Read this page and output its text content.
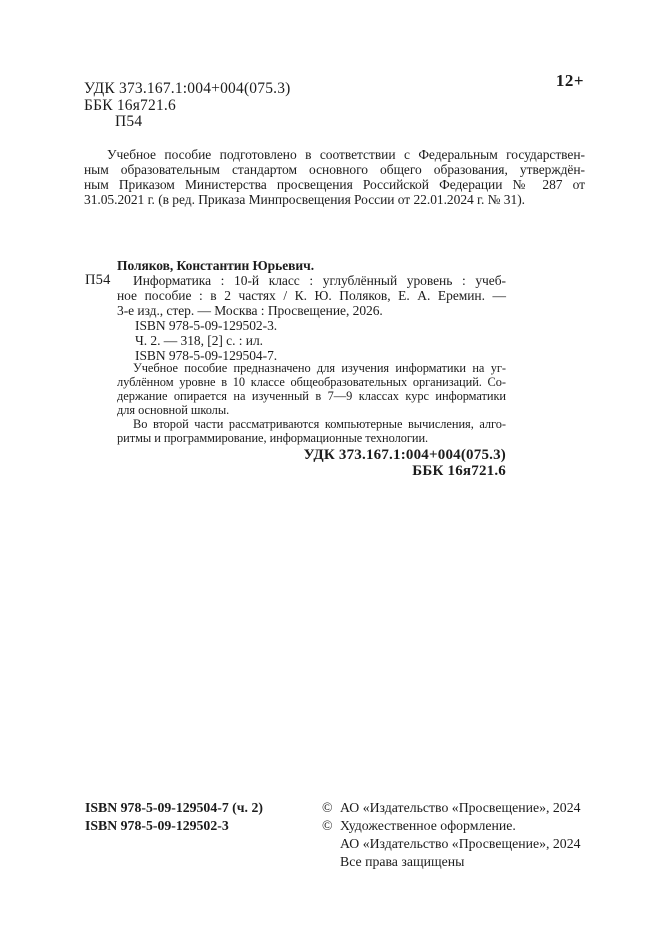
12+
УДК 373.167.1:004+004(075.3)
ББК 16я721.6
П54
Учебное пособие подготовлено в соответствии с Федеральным государствен-
ным образовательным стандартом основного общего образования, утверждён-
ным Приказом Министерства просвещения Российской Федерации № 287 от
31.05.2021 г. (в ред. Приказа Минпросвещения России от 22.01.2024 г. № 31).
П54
Поляков, Константин Юрьевич.
Информатика : 10-й класс : углублённый уровень : учеб-
ное пособие : в 2 частях / К. Ю. Поляков, Е. А. Еремин. —
3-е изд., стер. — Москва : Просвещение, 2026.
ISBN 978-5-09-129502-3.
Ч. 2. — 318, [2] с. : ил.
ISBN 978-5-09-129504-7.
Учебное пособие предназначено для изучения информатики на уг-
лублённом уровне в 10 классе общеобразовательных организаций. Со-
держание опирается на изученный в 7—9 классах курс информатики
для основной школы.
Во второй части рассматриваются компьютерные вычисления, алго-
ритмы и программирование, информационные технологии.
УДК 373.167.1:004+004(075.3)
ББК 16я721.6
ISBN 978-5-09-129504-7 (ч. 2)
ISBN 978-5-09-129502-3
© АО «Издательство «Просвещение», 2024
© Художественное оформление.
АО «Издательство «Просвещение», 2024
Все права защищены
